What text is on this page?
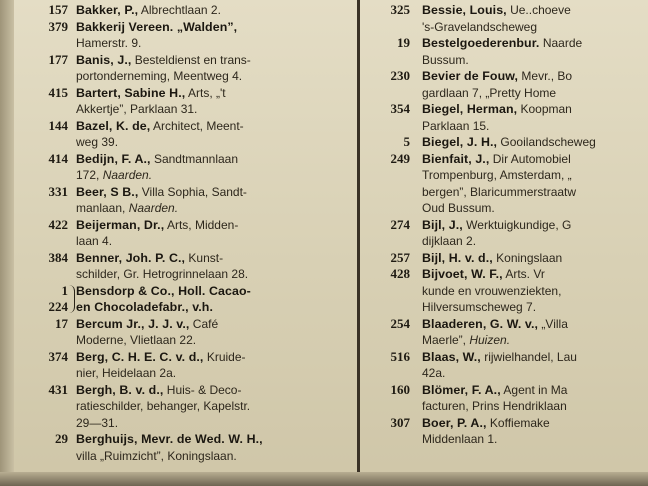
157 Bakker, P., Albrechtlaan 2.
379 Bakkerij Vereen. „Walden”,
Hamerstr. 9.
177 Banis, J., Besteldienst en trans-
portonderneming, Meentweg 4.
415 Bartert, Sabine H., Arts, „'t
Akkertje”, Parklaan 31.
144 Bazel, K. de, Architect, Meent-
weg 39.
414 Bedijn, F. A., Sandtmannlaan
172, Naarden.
331 Beer, S B., Villa Sophia, Sandt-
manlaan, Naarden.
422 Beijerman, Dr., Arts, Midden-
laan 4.
384 Benner, Joh. P. C., Kunst-
schilder, Gr. Hetrogrinnelaan 28.
1
224
Bensdorp & Co., Holl. Cacao-
en Chocoladefabr., v.h.
17 Bercum Jr., J. J. v., Café
Moderne, Vlietlaan 22.
374 Berg, C. H. E. C. v. d., Kruide-
nier, Heidelaan 2a.
431 Bergh, B. v. d., Huis- & Deco-
ratieschilder, behanger, Kapelstr.
29—31.
29 Berghuijs, Mevr. de Wed. W. H.,
villa „Ruimzicht”, Koningslaan.
325 Bessie, Louis, Ue..choeve
's-Gravelandscheweg
19 Bestelgoederenbur. Naarde
Bussum.
230 Bevier de Fouw, Mevr., Bo
gardlaan 7, „Pretty Home
354 Biegel, Herman, Koopman
Parklaan 15.
5 Biegel, J. H., Gooilandscheweg
249 Bienfait, J., Dir Automobiel
Trompenburg, Amsterdam, „
bergen”, Blaricummerstraatw
Oud Bussum.
274 Bijl, J., Werktuigkundige, G
dijklaan 2.
257 Bijl, H. v. d., Koningslaan
428 Bijvoet, W. F., Arts. Vr
kunde en vrouwenziekten,
Hilversumscheweg 7.
254 Blaaderen, G. W. v., „Villa
Maerle”, Huizen.
516 Blaas, W., rijwielhandel, Lau
42a.
160 Blömer, F. A., Agent in Ma
facturen, Prins Hendriklaan
307 Boer, P. A., Koffiemake
Middenlaan 1.
